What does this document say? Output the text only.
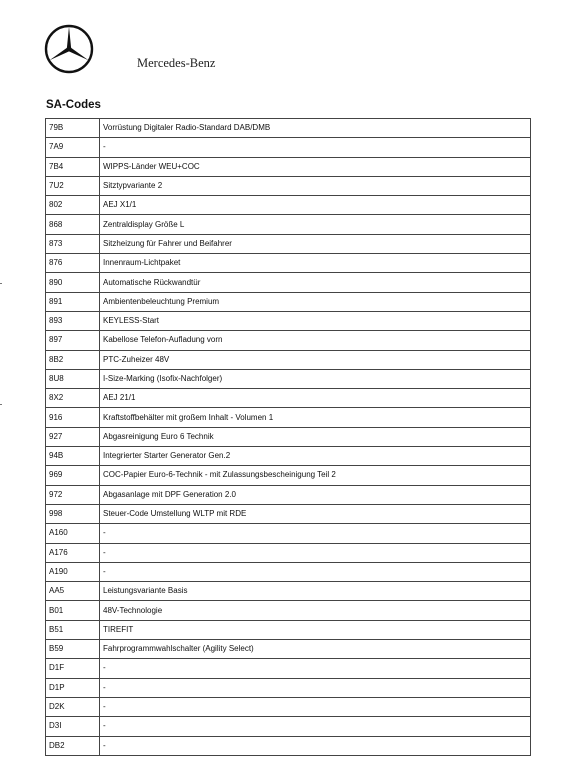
Mercedes-Benz
SA-Codes
79B	Vorrüstung Digitaler Radio-Standard DAB/DMB
7A9	-
7B4	WIPPS-Länder WEU+COC
7U2	Sitztypvariante 2
802	AEJ X1/1
868	Zentraldisplay Größe L
873	Sitzheizung für Fahrer und Beifahrer
876	Innenraum-Lichtpaket
890	Automatische Rückwandtür
891	Ambientenbeleuchtung Premium
893	KEYLESS-Start
897	Kabellose Telefon-Aufladung vorn
8B2	PTC-Zuheizer 48V
8U8	I-Size-Marking (Isofix-Nachfolger)
8X2	AEJ 21/1
916	Kraftstoffbehälter mit großem Inhalt - Volumen 1
927	Abgasreinigung Euro 6 Technik
94B	Integrierter Starter Generator Gen.2
969	COC-Papier Euro-6-Technik - mit Zulassungsbescheinigung Teil 2
972	Abgasanlage mit DPF Generation 2.0
998	Steuer-Code Umstellung WLTP mit RDE
A160	-
A176	-
A190	-
AA5	Leistungsvariante Basis
B01	48V-Technologie
B51	TIREFIT
B59	Fahrprogrammwahlschalter (Agility Select)
D1F	-
D1P	-
D2K	-
D3I	-
DB2	-
